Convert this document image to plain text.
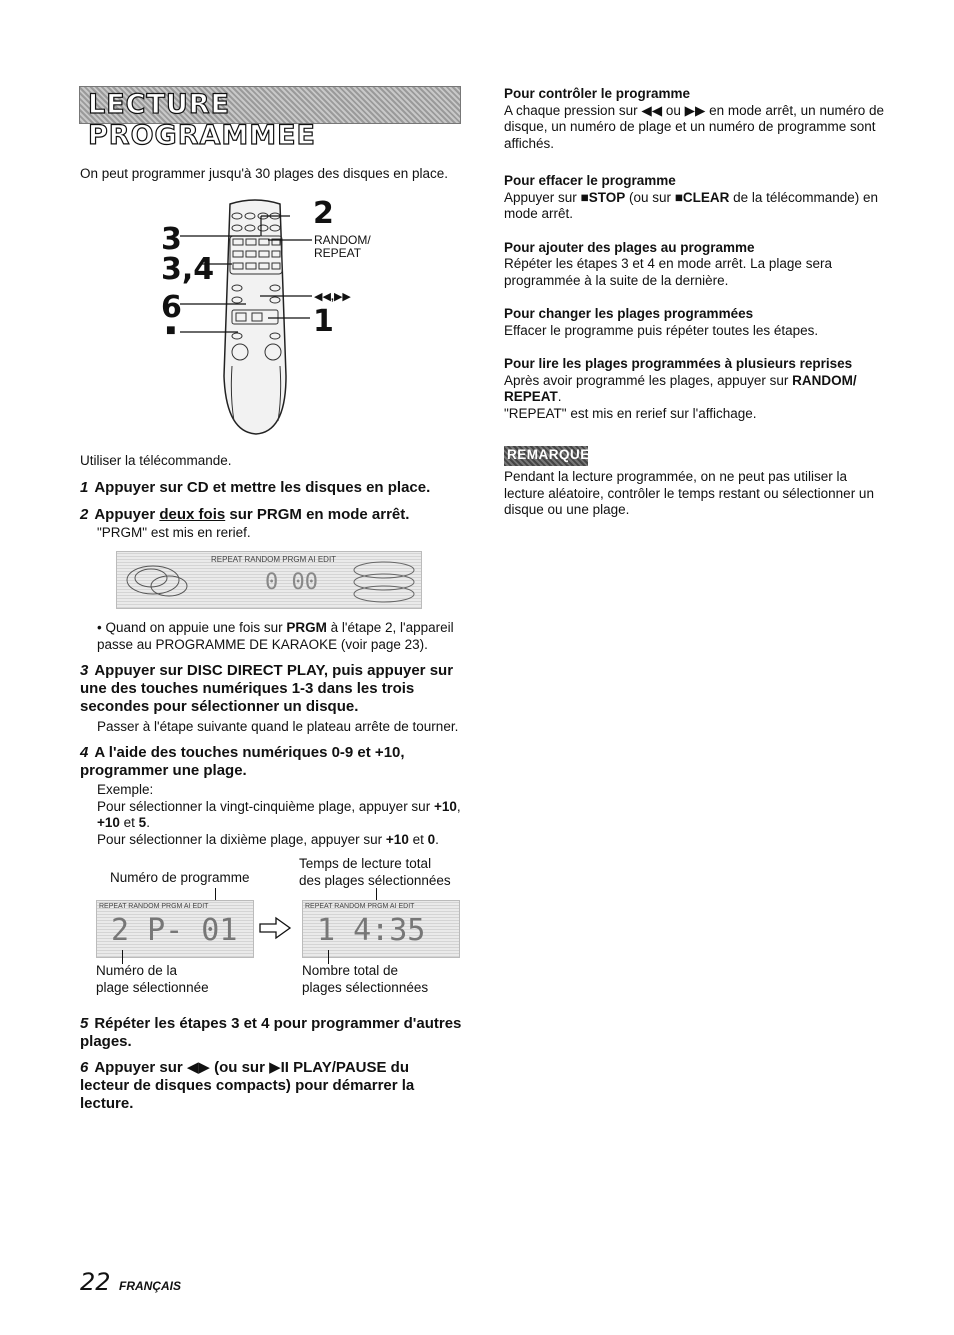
LECTURE PROGRAMMEE
On peut programmer jusqu'à 30 plages des disques en place.
3
3,4
6
■
2
1
RANDOM/
REPEAT
◀◀,▶▶
Utiliser la télécommande.
1 Appuyer sur CD et mettre les disques en place.
2 Appuyer deux fois sur PRGM en mode arrêt.
"PRGM" est mis en rerief.
REPEAT RANDOM PRGM AI EDIT
0 00
• Quand on appuie une fois sur PRGM à l'étape 2, l'appareil passe au PROGRAMME DE KARAOKE (voir page 23).
3 Appuyer sur DISC DIRECT PLAY, puis appuyer sur une des touches numériques 1-3 dans les trois secondes pour sélectionner un disque.
Passer à l'étape suivante quand le plateau arrête de tourner.
4 A l'aide des touches numériques 0-9 et +10, programmer une plage.
Exemple:
Pour sélectionner la vingt-cinquième plage, appuyer sur +10, +10 et 5.
Pour sélectionner la dixième plage, appuyer sur +10 et 0.
Numéro de programme
Temps de lecture total
des plages sélectionnées
REPEAT RANDOM PRGM AI EDIT
2 P- 01
REPEAT RANDOM PRGM AI EDIT
1 4:35
Numéro de la
plage sélectionnée
Nombre total de
plages sélectionnées
5 Répéter les étapes 3 et 4 pour programmer d'autres plages.
6 Appuyer sur ◀▶ (ou sur ▶II PLAY/PAUSE du lecteur de disques compacts) pour démarrer la lecture.
Pour contrôler le programme
A chaque pression sur ◀◀ ou ▶▶ en mode arrêt, un numéro de disque, un numéro de plage et un numéro de programme sont affichés.
Pour effacer le programme
Appuyer sur ■STOP (ou sur ■CLEAR de la télécommande) en mode arrêt.
Pour ajouter des plages au programme
Répéter les étapes 3 et 4 en mode arrêt. La plage sera programmée à la suite de la dernière.
Pour changer les plages programmées
Effacer le programme puis répéter toutes les étapes.
Pour lire les plages programmées à plusieurs reprises
Après avoir programmé les plages, appuyer sur RANDOM/ REPEAT.
"REPEAT" est mis en rerief sur l'affichage.
REMARQUE
Pendant la lecture programmée, on ne peut pas utiliser la lecture aléatoire, contrôler le temps restant ou sélectionner un disque ou une plage.
22 FRANÇAIS
